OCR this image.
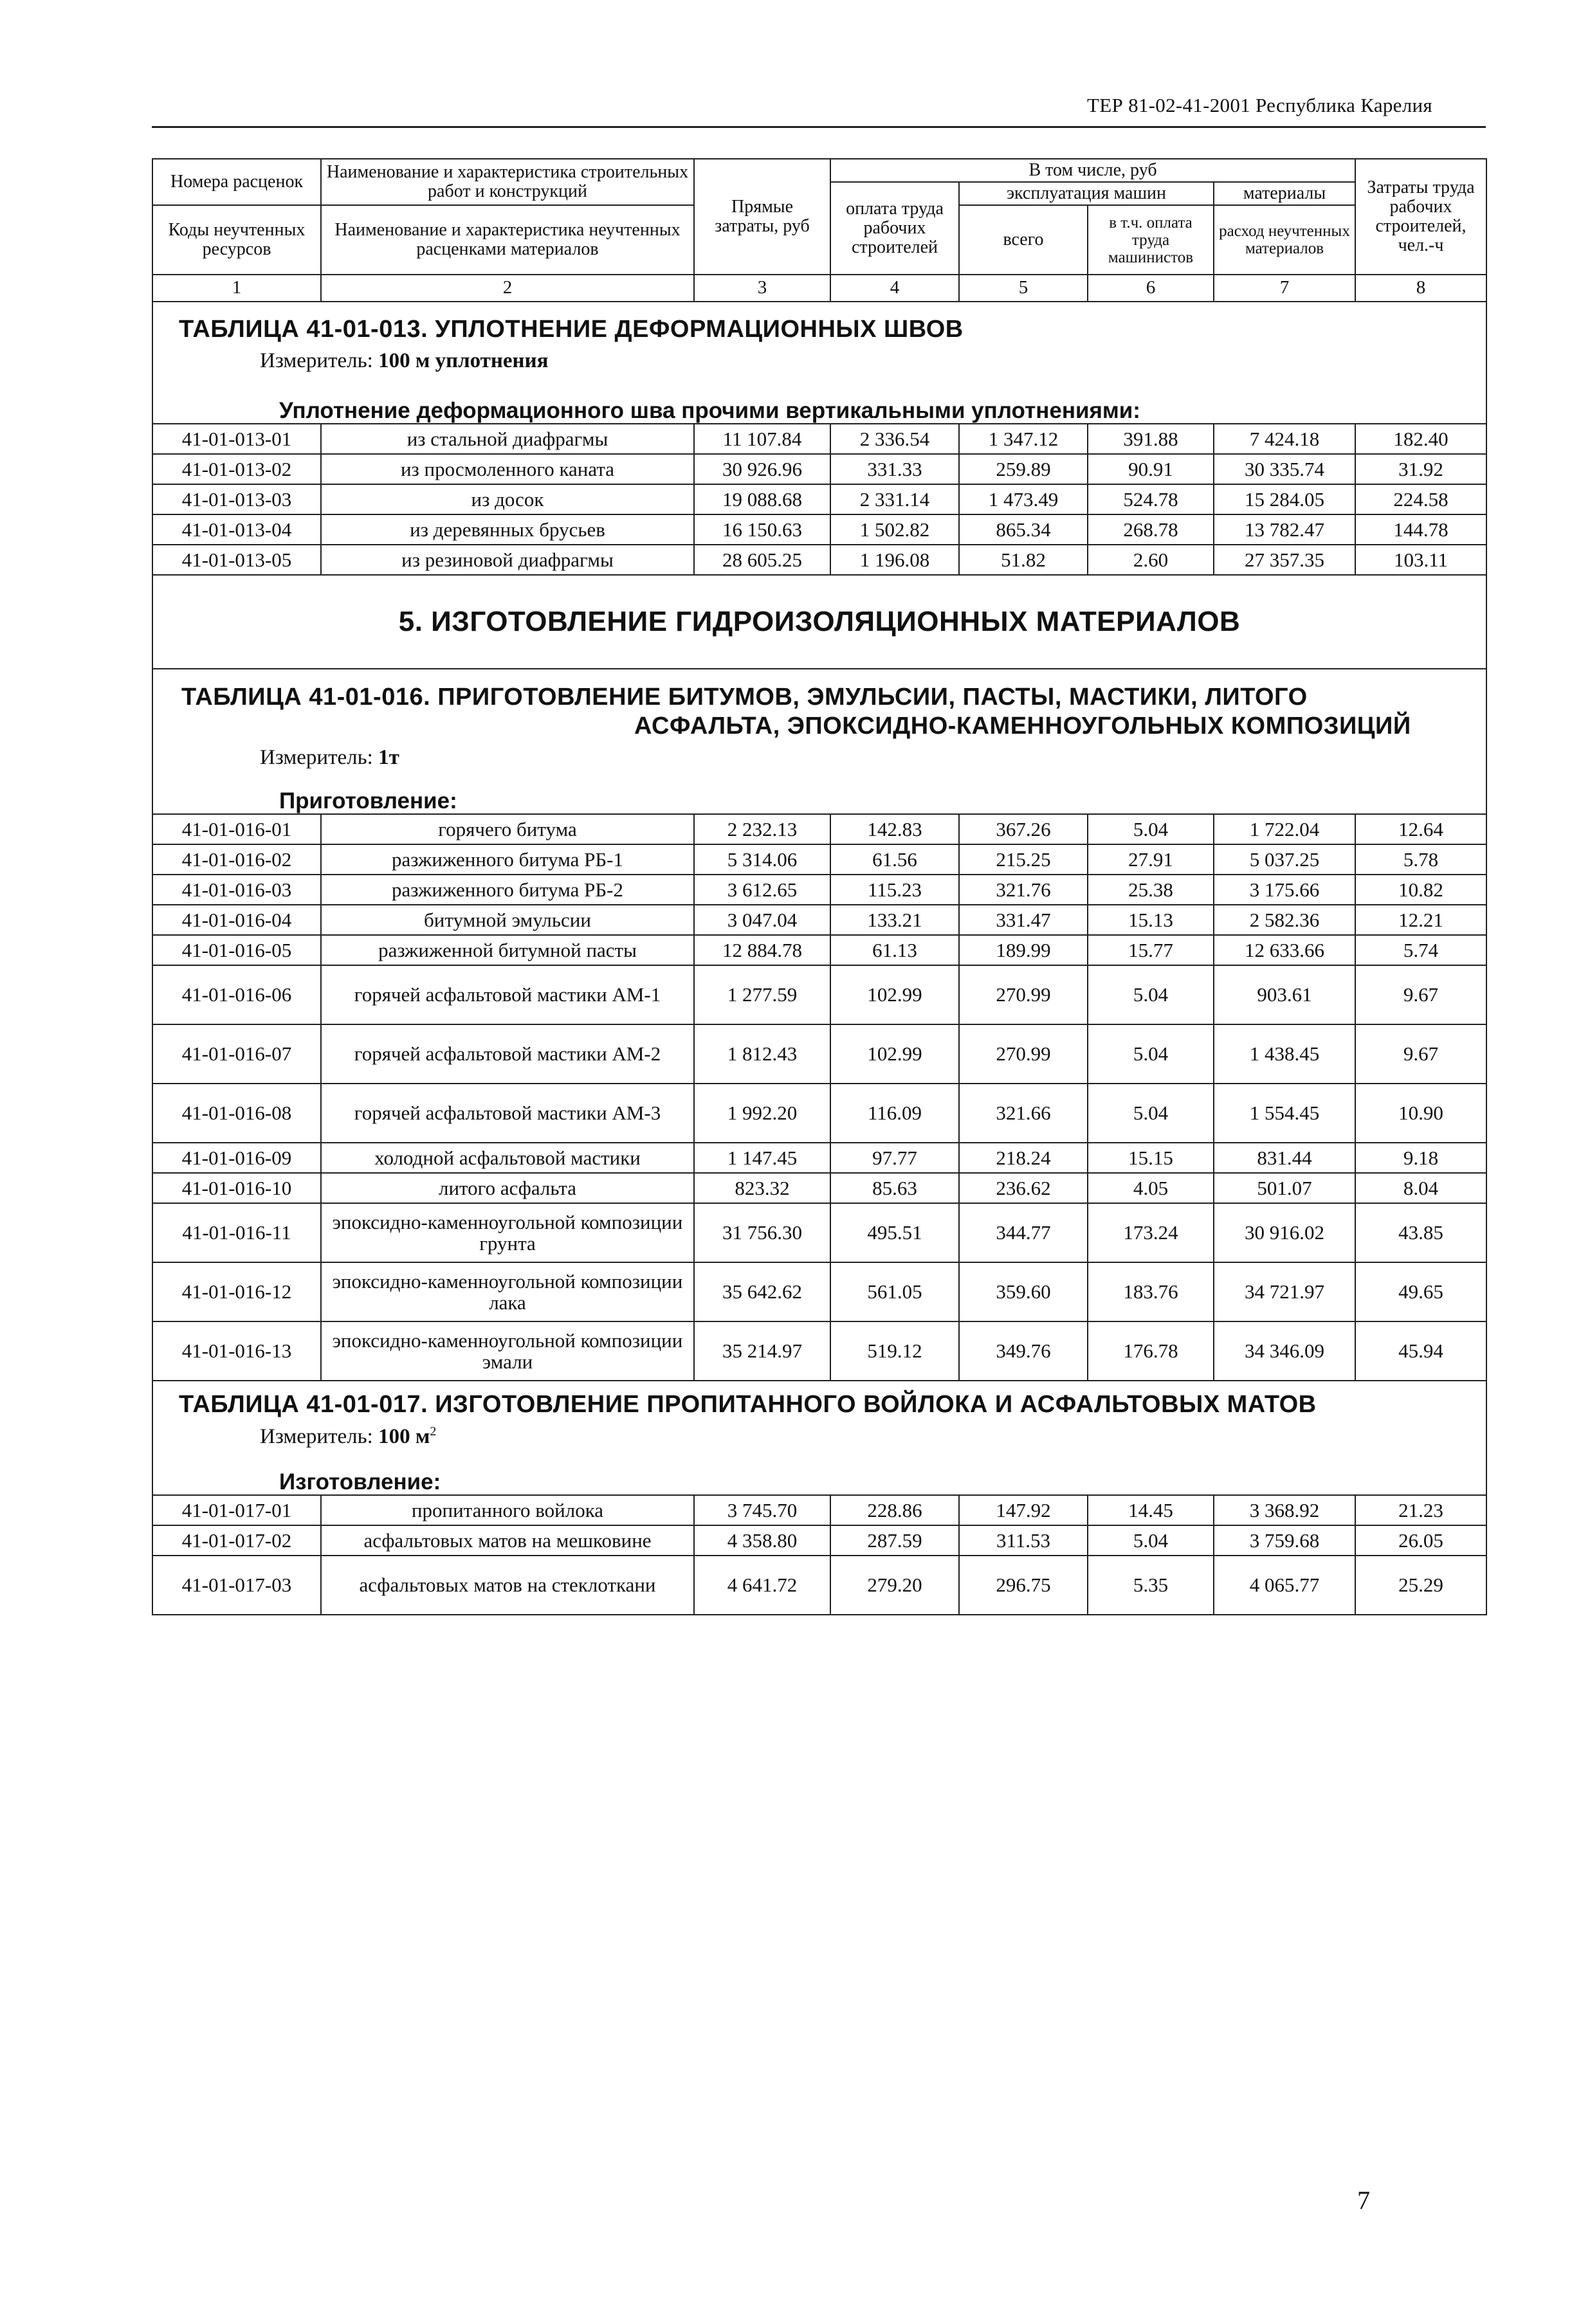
ТЕР 81-02-41-2001 Республика Карелия
Номера расценок	Наименование и характеристика строительных работ и конструкций	Прямые затраты, руб	В том числе, руб				Затраты труда рабочих строителей, чел.-ч
			оплата труда рабочих строителей	эксплуатация машин		материалы	
Коды неучтенных ресурсов	Наименование и характеристика неучтенных расценками материалов			всего	в т.ч. оплата труда машинистов	расход неучтенных материалов	

1	2	3	4	5	6	7	8

ТАБЛИЦА 41-01-013. УПЛОТНЕНИЕ ДЕФОРМАЦИОННЫХ ШВОВ							

Измеритель: 100 м уплотнения							

Уплотнение деформационного шва прочими вертикальными уплотнениями:							

41-01-013-01	из стальной диафрагмы	11 107.84	2 336.54	1 347.12	391.88	7 424.18	182.40
41-01-013-02	из просмоленного каната	30 926.96	331.33	259.89	90.91	30 335.74	31.92
41-01-013-03	из досок	19 088.68	2 331.14	1 473.49	524.78	15 284.05	224.58
41-01-013-04	из деревянных брусьев	16 150.63	1 502.82	865.34	268.78	13 782.47	144.78
41-01-013-05	из резиновой диафрагмы	28 605.25	1 196.08	51.82	2.60	27 357.35	103.11

5. ИЗГОТОВЛЕНИЕ ГИДРОИЗОЛЯЦИОННЫХ МАТЕРИАЛОВ							

ТАБЛИЦА 41-01-016. ПРИГОТОВЛЕНИЕ БИТУМОВ, ЭМУЛЬСИИ, ПАСТЫ, МАСТИКИ, ЛИТОГО
АСФАЛЬТА, ЭПОКСИДНО-КАМЕННОУГОЛЬНЫХ КОМПОЗИЦИЙ							

Измеритель: 1т							

Приготовление:							

41-01-016-01	горячего битума	2 232.13	142.83	367.26	5.04	1 722.04	12.64
41-01-016-02	разжиженного битума РБ-1	5 314.06	61.56	215.25	27.91	5 037.25	5.78
41-01-016-03	разжиженного битума РБ-2	3 612.65	115.23	321.76	25.38	3 175.66	10.82
41-01-016-04	битумной эмульсии	3 047.04	133.21	331.47	15.13	2 582.36	12.21
41-01-016-05	разжиженной битумной пасты	12 884.78	61.13	189.99	15.77	12 633.66	5.74
41-01-016-06	горячей асфальтовой мастики АМ-1	1 277.59	102.99	270.99	5.04	903.61	9.67
41-01-016-07	горячей асфальтовой мастики АМ-2	1 812.43	102.99	270.99	5.04	1 438.45	9.67
41-01-016-08	горячей асфальтовой мастики АМ-3	1 992.20	116.09	321.66	5.04	1 554.45	10.90
41-01-016-09	холодной асфальтовой мастики	1 147.45	97.77	218.24	15.15	831.44	9.18
41-01-016-10	литого асфальта	823.32	85.63	236.62	4.05	501.07	8.04
41-01-016-11	эпоксидно-каменноугольной композиции грунта	31 756.30	495.51	344.77	173.24	30 916.02	43.85
41-01-016-12	эпоксидно-каменноугольной композиции лака	35 642.62	561.05	359.60	183.76	34 721.97	49.65
41-01-016-13	эпоксидно-каменноугольной композиции эмали	35 214.97	519.12	349.76	176.78	34 346.09	45.94

ТАБЛИЦА 41-01-017. ИЗГОТОВЛЕНИЕ ПРОПИТАННОГО ВОЙЛОКА И АСФАЛЬТОВЫХ МАТОВ							

Измеритель: 100 $м^2$

Изготовление:							

41-01-017-01	пропитанного войлока	3 745.70	228.86	147.92	14.45	3 368.92	21.23
41-01-017-02	асфальтовых матов на мешковине	4 358.80	287.59	311.53	5.04	3 759.68	26.05
41-01-017-03	асфальтовых матов на стеклоткани	4 641.72	279.20	296.75	5.35	4 065.77	25.29
7
